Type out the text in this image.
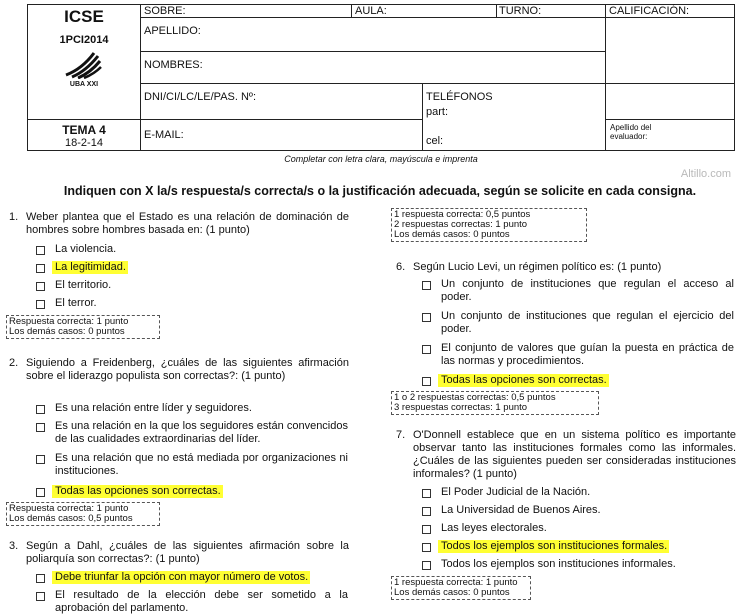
ICSE
1PCI2014
UBA XXI
TEMA 4
18-2-14
SOBRE:	AULA:	TURNO:	CALIFICACIÓN:
APELLIDO:
NOMBRES:
DNI/CI/LC/LE/PAS. Nº:	TELÉFONOS
part:
E-MAIL:	cel:
Apellido del evaluador:
Completar con letra clara, mayúscula e imprenta
Altillo.com
Indiquen con X la/s respuesta/s correcta/s o la justificación adecuada, según se solicite en cada consigna.
1. Weber plantea que el Estado es una relación de dominación de hombres sobre hombres basada en: (1 punto)
La violencia.
La legitimidad.
El territorio.
El terror.
Respuesta correcta: 1 punto
Los demás casos: 0 puntos
2. Siguiendo a Freidenberg, ¿cuáles de las siguientes afirmación sobre el liderazgo populista son correctas?: (1 punto)
Es una relación entre líder y seguidores.
Es una relación en la que los seguidores están convencidos de las cualidades extraordinarias del líder.
Es una relación que no está mediada por organizaciones ni instituciones.
Todas las opciones son correctas.
Respuesta correcta: 1 punto
Los demás casos: 0,5 puntos
3. Según a Dahl, ¿cuáles de las siguientes afirmación sobre la poliarquía son correctas?: (1 punto)
Debe triunfar la opción con mayor número de votos.
El resultado de la elección debe ser sometido a la aprobación del parlamento.
1 respuesta correcta: 0,5 puntos
2 respuestas correctas: 1 punto
Los demás casos: 0 puntos
6. Según Lucio Levi, un régimen político es: (1 punto)
Un conjunto de instituciones que regulan el acceso al poder.
Un conjunto de instituciones que regulan el ejercicio del poder.
El conjunto de valores que guían la puesta en práctica de las normas y procedimientos.
Todas las opciones son correctas.
1 o 2 respuestas correctas: 0,5 puntos
3 respuestas correctas: 1 punto
7. O'Donnell establece que en un sistema político es importante observar tanto las instituciones formales como las informales. ¿Cuáles de las siguientes pueden ser consideradas instituciones informales? (1 punto)
El Poder Judicial de la Nación.
La Universidad de Buenos Aires.
Las leyes electorales.
Todos los ejemplos son instituciones formales.
Todos los ejemplos son instituciones informales.
1 respuesta correcta: 1 punto
Los demás casos: 0 puntos
